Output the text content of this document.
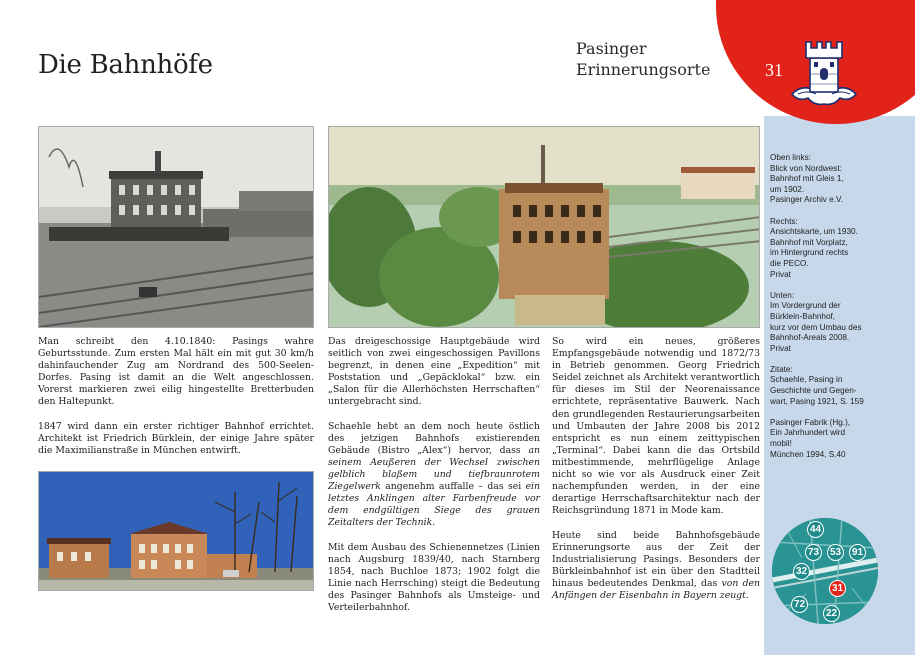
Die Bahnhöfe
Pasinger
Erinnerungsorte	31

Man schreibt den 4.10.1840: Pasings wahre Geburtsstunde. Zum ersten Mal hält ein mit gut 30 km/h dahinfauchender Zug am Nordrand des 500-Seelen-Dorfes. Pasing ist damit an die Welt angeschlossen. Vorerst markieren zwei eilig hingestellte Bretterbuden den Haltepunkt.

1847 wird dann ein erster richtiger Bahnhof errichtet. Architekt ist Friedrich Bürklein, der einige Jahre später die Maximilianstraße in München entwirft.

Das dreigeschossige Hauptgebäude wird seitlich von zwei eingeschossigen Pavillons begrenzt, in denen eine „Expedition“ mit Poststation und „Gepäcklokal“ bzw. ein „Salon für die Allerhöchsten Herrschaften“ untergebracht sind.

Schaehle hebt an dem noch heute östlich des jetzigen Bahnhofs existierenden Gebäude (Bistro „Alex“) hervor, dass an seinem Aeußeren der Wechsel zwischen gelblich blaßem und tiefbraunrotem Ziegelwerk angenehm auffalle – das sei ein letztes Anklingen alter Farbenfreude vor dem endgültigen Siege des grauen Zeitalters der Technik.

Mit dem Ausbau des Schienennetzes (Linien nach Augsburg 1839/40, nach Starnberg 1854, nach Buchloe 1873; 1902 folgt die Linie nach Herrsching) steigt die Bedeutung des Pasinger Bahnhofs als Umsteige- und Verteilerbahnhof.

So wird ein neues, größeres Empfangsgebäude notwendig und 1872/73 in Betrieb genommen. Georg Friedrich Seidel zeichnet als Architekt verantwortlich für dieses im Stil der Neorenaissance errichtete, repräsentative Bauwerk. Nach den grundlegenden Restaurierungsarbeiten und Umbauten der Jahre 2008 bis 2012 entspricht es nun einem zeittypischen „Terminal“. Dabei kann die das Ortsbild mitbestimmende, mehrflügelige Anlage nicht so wie vor als Ausdruck einer Zeit nachempfunden werden, in der eine derartige Herrschaftsarchitektur nach der Reichsgründung 1871 in Mode kam.

Heute sind beide Bahnhofsgebäude Erinnerungsorte aus der Zeit der Industrialisierung Pasings. Besonders der Bürkleinbahnhof ist ein über den Stadtteil hinaus bedeutendes Denkmal, das von den Anfängen der Eisenbahn in Bayern zeugt.

Oben links:
Blick von Nordwest:
Bahnhof mit Gleis 1,
um 1902.
Pasinger Archiv e.V.

Rechts:
Ansichtskarte, um 1930.
Bahnhof mit Vorplatz,
im Hintergrund rechts
die PECO.
Privat

Unten:
Im Vordergrund der
Bürklein-Bahnhof,
kurz vor dem Umbau des
Bahnhof-Areals 2008.
Privat

Zitate:
Schaehle, Pasing in
Geschichte und Gegen-
wart, Pasing 1921, S. 159

Pasinger Fabrik (Hg.),
Ein Jahrhundert wird
mobil!
München 1994, S.40

44
73 53 91
32
31
72
22
